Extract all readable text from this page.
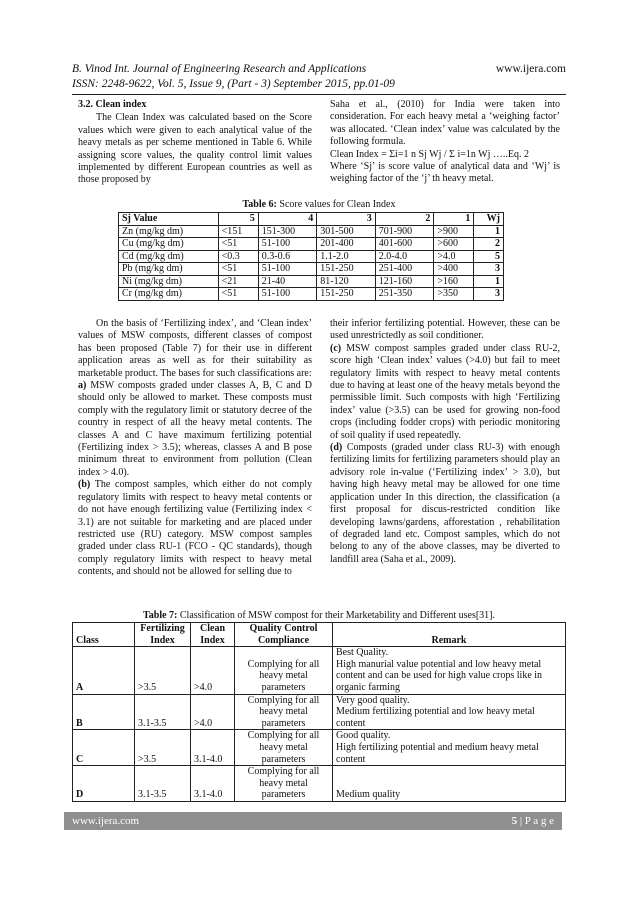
B. Vinod Int. Journal of Engineering Research and Applications	www.ijera.com
ISSN: 2248-9622, Vol. 5, Issue 9, (Part - 3) September 2015, pp.01-09

3.2. Clean index

The Clean Index was calculated based on the Score values which were given to each analytical value of the heavy metals as per scheme mentioned in Table 6. While assigning score values, the quality control limit values implemented by different European countries as well as those proposed by

Saha et al., (2010) for India were taken into consideration. For each heavy metal a ‘weighing factor’ was allocated. ‘Clean index’ value was calculated by the following formula.

Clean Index = Σi=1 n Sj Wj / Σ i=1n Wj …..Eq. 2

Where ‘Sj’ is score value of analytical data and ‘Wj’ is weighing factor of the ‘j’ th heavy metal.

Table 6: Score values for Clean Index
Sj Value	5	4	3	2	1	Wj
Zn (mg/kg dm)	<151	151-300	301-500	701-900	>900	1
Cu (mg/kg dm)	<51	51-100	201-400	401-600	>600	2
Cd (mg/kg dm)	<0.3	0.3-0.6	1.1-2.0	2.0-4.0	>4.0	5
Pb (mg/kg dm)	<51	51-100	151-250	251-400	>400	3
Ni (mg/kg dm)	<21	21-40	81-120	121-160	>160	1
Cr (mg/kg dm)	<51	51-100	151-250	251-350	>350	3

On the basis of ‘Fertilizing index’, and ‘Clean index’ values of MSW composts, different classes of compost has been proposed (Table 7) for their use in different application areas as well as for their suitability as marketable product. The bases for such classifications are:

a) MSW composts graded under classes A, B, C and D should only be allowed to market. These composts must comply with the regulatory limit or statutory decree of the country in respect of all the heavy metal contents. The classes A and C have maximum fertilizing potential (Fertilizing index > 3.5); whereas, classes A and B pose minimum threat to environment from pollution (Clean index > 4.0).

(b) The compost samples, which either do not comply regulatory limits with respect to heavy metal contents or do not have enough fertilizing value (Fertilizing index < 3.1) are not suitable for marketing and are placed under restricted use (RU) category. MSW compost samples graded under class RU-1 (FCO - QC standards), though comply regulatory limits with respect to heavy metal contents, and should not be allowed for selling due to

their inferior fertilizing potential. However, these can be used unrestrictedly as soil conditioner.

(c) MSW compost samples graded under class RU-2, score high ‘Clean index’ values (>4.0) but fail to meet regulatory limits with respect to heavy metal contents due to having at least one of the heavy metals beyond the permissible limit. Such composts with high ‘Fertilizing index’ value (>3.5) can be used for growing non-food crops (including fodder crops) with periodic monitoring of soil quality if used repeatedly.

(d) Composts (graded under class RU-3) with enough fertilizing limits for fertilizing parameters should play an advisory role in-value (‘Fertilizing index’ > 3.0), but having high heavy metal may be allowed for one time application under In this direction, the classification (a first proposal for discus-restricted condition like developing lawns/gardens, afforestation , rehabilitation of degraded land etc. Compost samples, which do not belong to any of the above classes, may be diverted to landfill area (Saha et al., 2009).

Table 7: Classification of MSW compost for their Marketability and Different uses[31].
Class	Fertilizing Index	Clean Index	Quality Control Compliance	Remark
A	>3.5	>4.0	Complying for all heavy metal parameters	Best Quality.
High manurial value potential and low heavy metal content and can be used for high value crops like in organic farming
B	3.1-3.5	>4.0	Complying for all heavy metal parameters	Very good quality.
Medium fertilizing potential and low heavy metal content
C	>3.5	3.1-4.0	Complying for all heavy metal parameters	Good quality.
High fertilizing potential and medium heavy metal content
D	3.1-3.5	3.1-4.0	Complying for all heavy metal parameters	Medium quality
www.ijera.com	5 | P a g e
